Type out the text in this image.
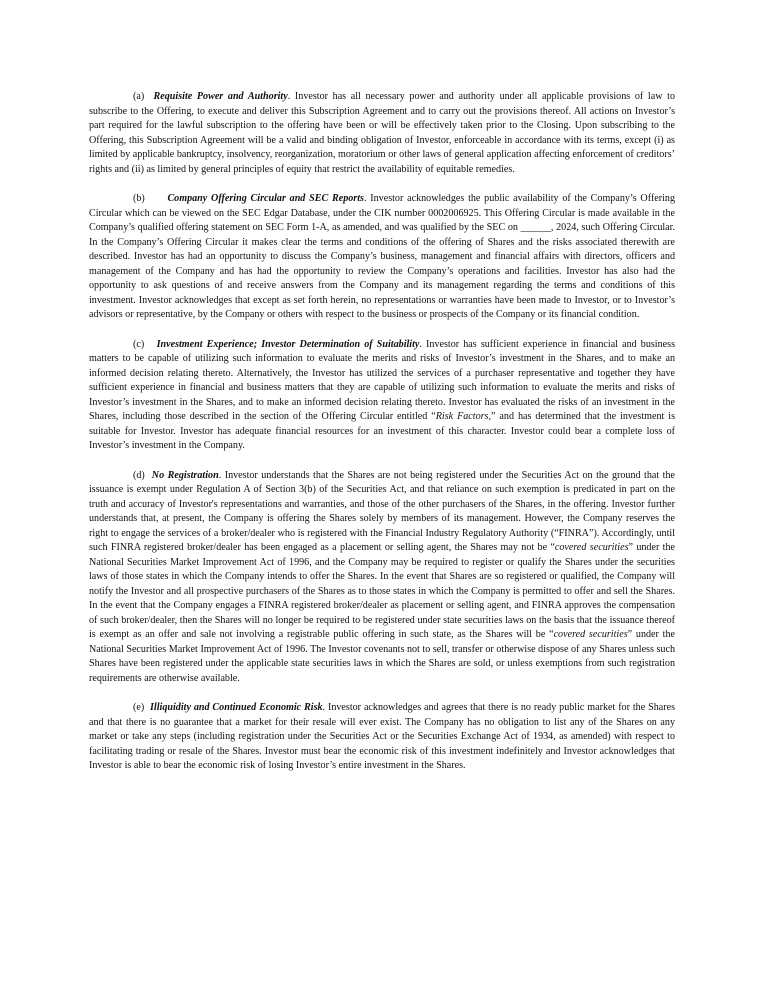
(a) Requisite Power and Authority. Investor has all necessary power and authority under all applicable provisions of law to subscribe to the Offering, to execute and deliver this Subscription Agreement and to carry out the provisions thereof. All actions on Investor’s part required for the lawful subscription to the offering have been or will be effectively taken prior to the Closing. Upon subscribing to the Offering, this Subscription Agreement will be a valid and binding obligation of Investor, enforceable in accordance with its terms, except (i) as limited by applicable bankruptcy, insolvency, reorganization, moratorium or other laws of general application affecting enforcement of creditors’ rights and (ii) as limited by general principles of equity that restrict the availability of equitable remedies.

(b) Company Offering Circular and SEC Reports. Investor acknowledges the public availability of the Company’s Offering Circular which can be viewed on the SEC Edgar Database, under the CIK number 0002006925. This Offering Circular is made available in the Company’s qualified offering statement on SEC Form 1-A, as amended, and was qualified by the SEC on ______, 2024, such Offering Circular. In the Company’s Offering Circular it makes clear the terms and conditions of the offering of Shares and the risks associated therewith are described. Investor has had an opportunity to discuss the Company’s business, management and financial affairs with directors, officers and management of the Company and has had the opportunity to review the Company’s operations and facilities. Investor has also had the opportunity to ask questions of and receive answers from the Company and its management regarding the terms and conditions of this investment. Investor acknowledges that except as set forth herein, no representations or warranties have been made to Investor, or to Investor’s advisors or representative, by the Company or others with respect to the business or prospects of the Company or its financial condition.

(c) Investment Experience; Investor Determination of Suitability. Investor has sufficient experience in financial and business matters to be capable of utilizing such information to evaluate the merits and risks of Investor’s investment in the Shares, and to make an informed decision relating thereto. Alternatively, the Investor has utilized the services of a purchaser representative and together they have sufficient experience in financial and business matters that they are capable of utilizing such information to evaluate the merits and risks of Investor’s investment in the Shares, and to make an informed decision relating thereto. Investor has evaluated the risks of an investment in the Shares, including those described in the section of the Offering Circular entitled “Risk Factors,” and has determined that the investment is suitable for Investor. Investor has adequate financial resources for an investment of this character. Investor could bear a complete loss of Investor’s investment in the Company.

(d) No Registration. Investor understands that the Shares are not being registered under the Securities Act on the ground that the issuance is exempt under Regulation A of Section 3(b) of the Securities Act, and that reliance on such exemption is predicated in part on the truth and accuracy of Investor's representations and warranties, and those of the other purchasers of the Shares, in the offering. Investor further understands that, at present, the Company is offering the Shares solely by members of its management. However, the Company reserves the right to engage the services of a broker/dealer who is registered with the Financial Industry Regulatory Authority (“FINRA”). Accordingly, until such FINRA registered broker/dealer has been engaged as a placement or selling agent, the Shares may not be “covered securities” under the National Securities Market Improvement Act of 1996, and the Company may be required to register or qualify the Shares under the securities laws of those states in which the Company intends to offer the Shares. In the event that Shares are so registered or qualified, the Company will notify the Investor and all prospective purchasers of the Shares as to those states in which the Company is permitted to offer and sell the Shares. In the event that the Company engages a FINRA registered broker/dealer as placement or selling agent, and FINRA approves the compensation of such broker/dealer, then the Shares will no longer be required to be registered under state securities laws on the basis that the issuance thereof is exempt as an offer and sale not involving a registrable public offering in such state, as the Shares will be “covered securities” under the National Securities Market Improvement Act of 1996. The Investor covenants not to sell, transfer or otherwise dispose of any Shares unless such Shares have been registered under the applicable state securities laws in which the Shares are sold, or unless exemptions from such registration requirements are otherwise available.

(e) Illiquidity and Continued Economic Risk. Investor acknowledges and agrees that there is no ready public market for the Shares and that there is no guarantee that a market for their resale will ever exist. The Company has no obligation to list any of the Shares on any market or take any steps (including registration under the Securities Act or the Securities Exchange Act of 1934, as amended) with respect to facilitating trading or resale of the Shares. Investor must bear the economic risk of this investment indefinitely and Investor acknowledges that Investor is able to bear the economic risk of losing Investor’s entire investment in the Shares.
